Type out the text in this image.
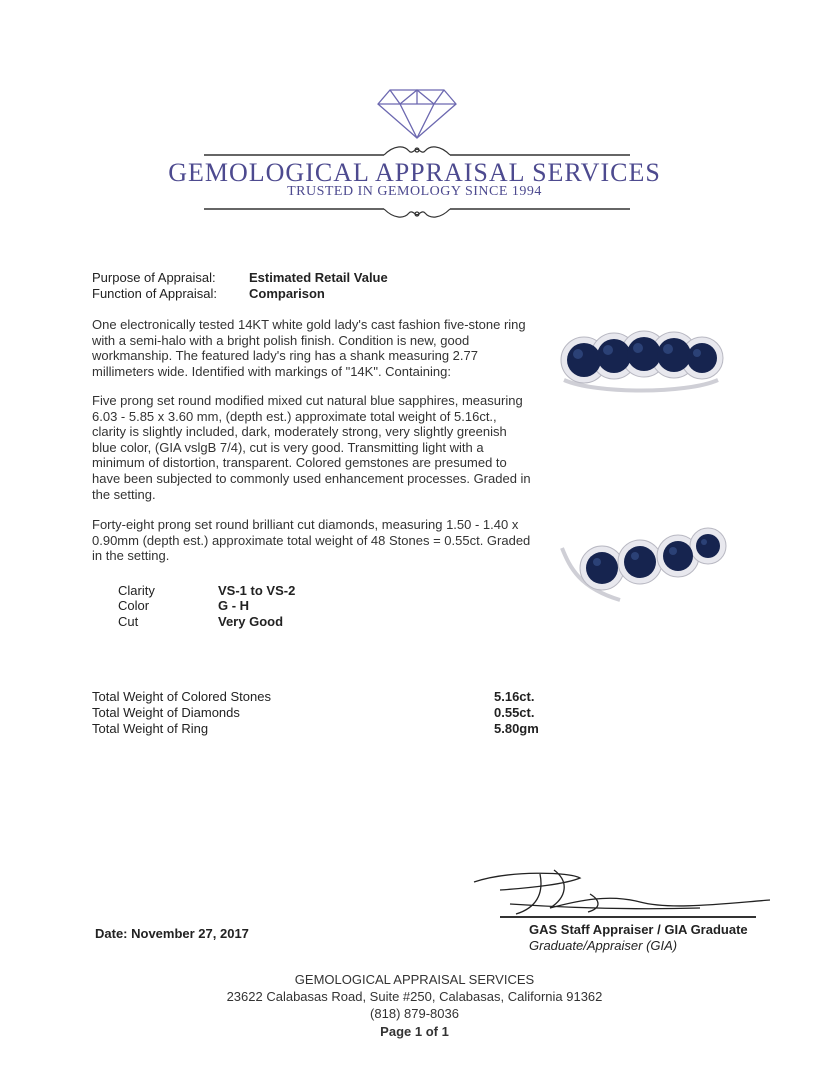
GEMOLOGICAL APPRAISAL SERVICES
TRUSTED IN GEMOLOGY SINCE 1994
Purpose of Appraisal:	Estimated Retail Value
Function of Appraisal: Comparison
One electronically tested 14KT white gold lady's cast fashion five-stone ring with a semi-halo with a bright polish finish. Condition is new, good workmanship. The featured lady's ring has a shank measuring 2.77 millimeters wide. Identified with markings of "14K". Containing:
Five prong set round modified mixed cut natural blue sapphires, measuring 6.03 - 5.85 x 3.60 mm, (depth est.) approximate total weight of 5.16ct., clarity is slightly included, dark, moderately strong, very slightly greenish blue color, (GIA vslgB 7/4), cut is very good. Transmitting light with a minimum of distortion, transparent. Colored gemstones are presumed to have been subjected to commonly used enhancement processes. Graded in the setting.
Forty-eight prong set round brilliant cut diamonds, measuring 1.50 - 1.40 x 0.90mm (depth est.) approximate total weight of 48 Stones = 0.55ct. Graded in the setting.
Clarity	VS-1 to VS-2
Color	G - H
Cut	Very Good
Total Weight of Colored Stones	5.16ct.
Total Weight of Diamonds	0.55ct.
Total Weight of Ring	5.80gm
Date: November 27, 2017	GAS Staff Appraiser / GIA Graduate
Graduate/Appraiser (GIA)
GEMOLOGICAL APPRAISAL SERVICES
23622 Calabasas Road, Suite #250, Calabasas, California 91362
(818) 879-8036
Page 1 of 1
